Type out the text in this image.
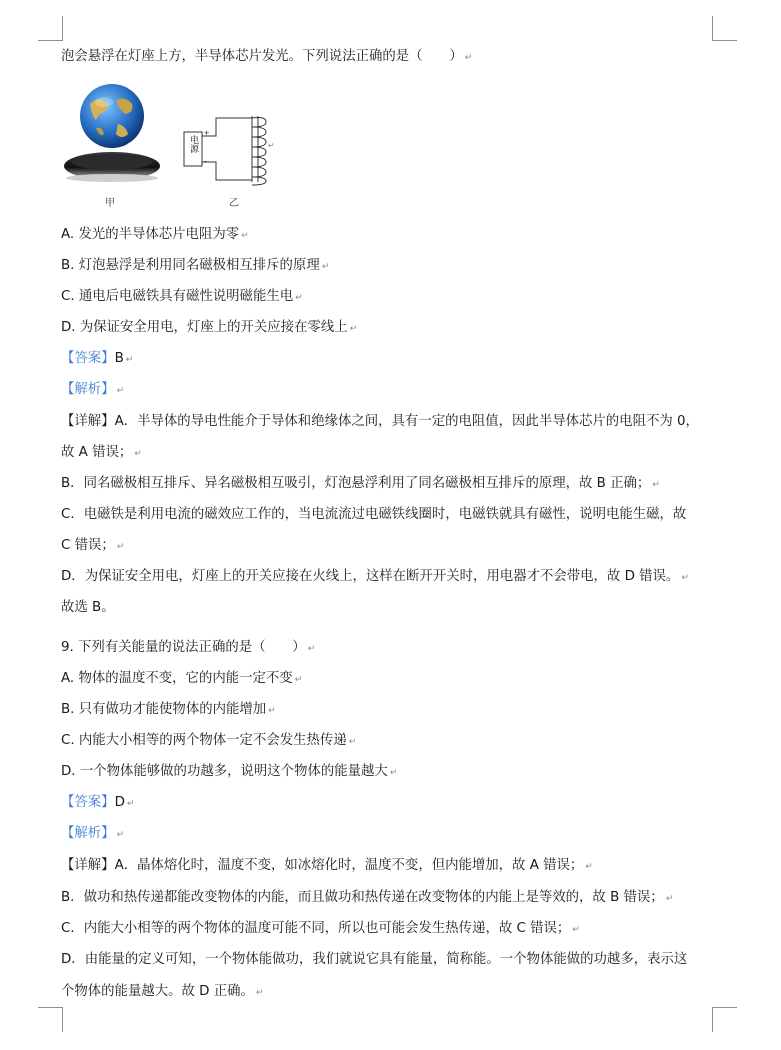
泡会悬浮在灯座上方，半导体芯片发光。下列说法正确的是（　　） ↵
甲
+
-
↵
电源
乙
A. 发光的半导体芯片电阻为零 ↵
B. 灯泡悬浮是利用同名磁极相互排斥的原理 ↵
C. 通电后电磁铁具有磁性说明磁能生电 ↵
D. 为保证安全用电，灯座上的开关应接在零线上 ↵
【答案】B ↵
【解析】 ↵
【详解】A．半导体的导电性能介于导体和绝缘体之间，具有一定的电阻值，因此半导体芯片的电阻不为 0，
故 A 错误； ↵
B．同名磁极相互排斥、异名磁极相互吸引，灯泡悬浮利用了同名磁极相互排斥的原理，故 B 正确； ↵
C．电磁铁是利用电流的磁效应工作的，当电流流过电磁铁线圈时，电磁铁就具有磁性，说明电能生磁，故
C 错误； ↵
D．为保证安全用电，灯座上的开关应接在火线上，这样在断开开关时，用电器才不会带电，故 D 错误。 ↵
故选 B。
9. 下列有关能量的说法正确的是（　　） ↵
A. 物体的温度不变，它的内能一定不变 ↵
B. 只有做功才能使物体的内能增加 ↵
C. 内能大小相等的两个物体一定不会发生热传递 ↵
D. 一个物体能够做的功越多，说明这个物体的能量越大 ↵
【答案】D ↵
【解析】 ↵
【详解】A．晶体熔化时，温度不变，如冰熔化时，温度不变，但内能增加，故 A 错误； ↵
B．做功和热传递都能改变物体的内能，而且做功和热传递在改变物体的内能上是等效的，故 B 错误； ↵
C．内能大小相等的两个物体的温度可能不同，所以也可能会发生热传递，故 C 错误； ↵
D．由能量的定义可知，一个物体能做功，我们就说它具有能量，简称能。一个物体能做的功越多，表示这
个物体的能量越大。故 D 正确。 ↵
